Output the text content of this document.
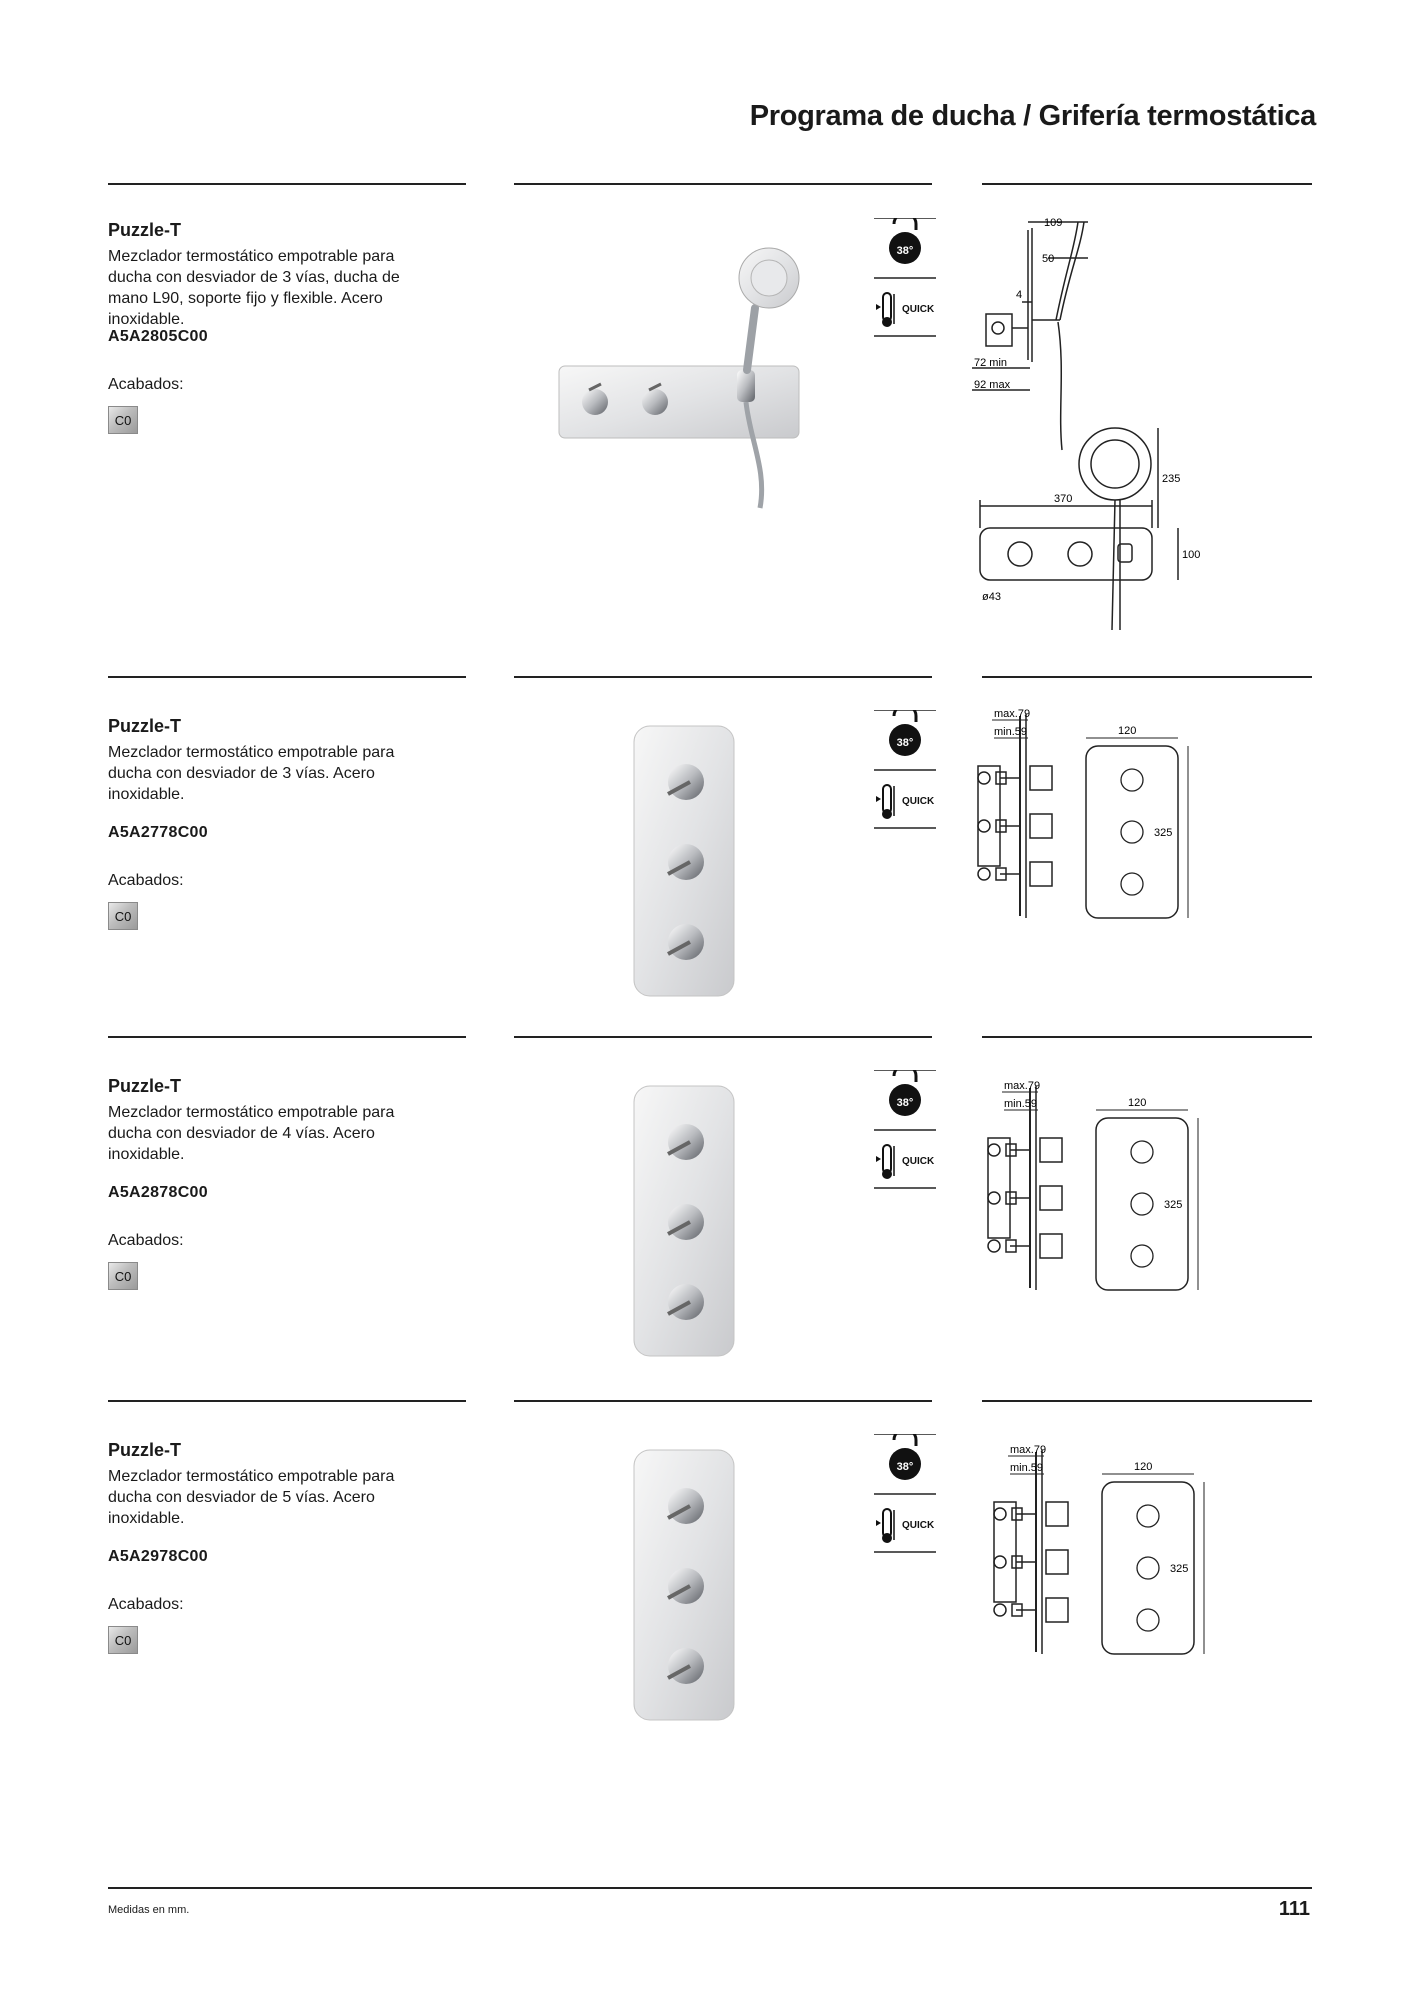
Programa de ducha / Grifería termostática
Puzzle-T
Mezclador termostático empotrable para ducha con desviador de 3 vías, ducha de mano L90, soporte fijo y flexible. Acero inoxidable.
A5A2805C00
Acabados:
C0
38°
QUICK
109
50
4
72 min
92 max
370
235
100
ø43
Puzzle-T
Mezclador termostático empotrable para ducha con desviador de 3 vías. Acero inoxidable.
A5A2778C00
Acabados:
C0
38°
QUICK
max.79
min.59	120
325
Puzzle-T
Mezclador termostático empotrable para ducha con desviador de 4 vías. Acero inoxidable.
A5A2878C00
Acabados:
C0
38°
QUICK
max.79
min.59	120
325
Puzzle-T
Mezclador termostático empotrable para ducha con desviador de 5 vías. Acero inoxidable.
A5A2978C00
Acabados:
C0
38°
QUICK
max.79
min.59	120
325
Medidas en mm.	111
